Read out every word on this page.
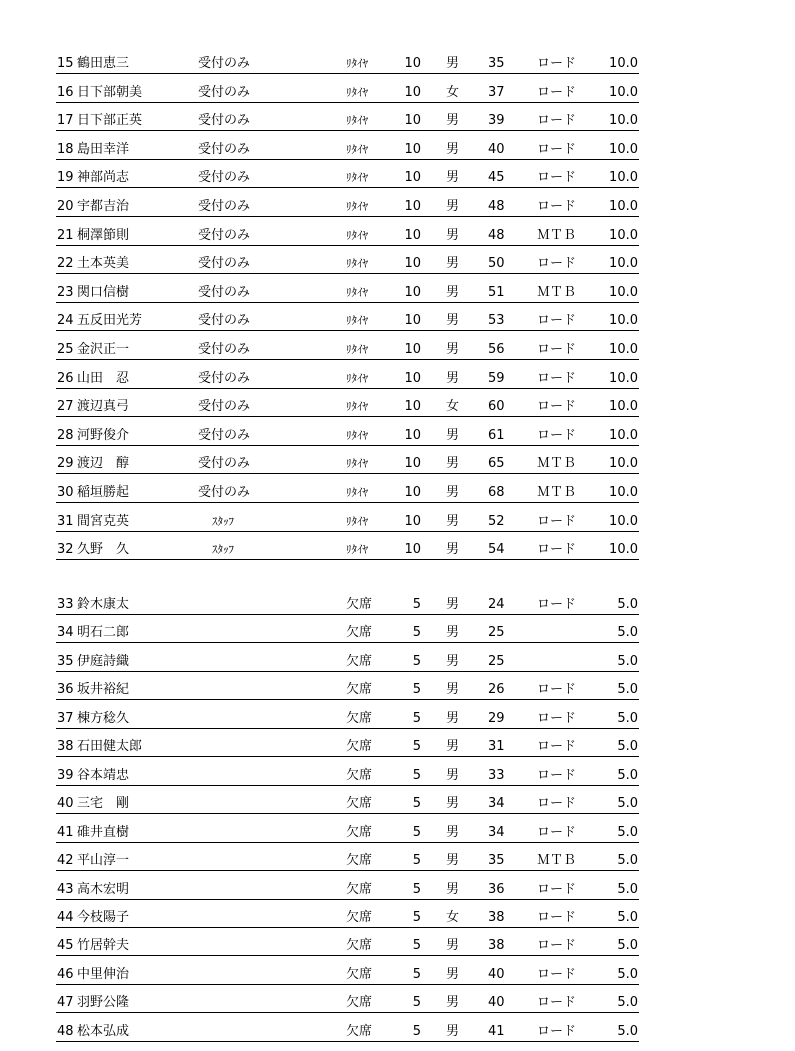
15 鶴田恵三	受付のみ	ﾘﾀｲﾔ	10 男 35 ロード	10.0
16 日下部朝美	受付のみ	ﾘﾀｲﾔ	10 女 37 ロード	10.0
17 日下部正英	受付のみ	ﾘﾀｲﾔ	10 男 39 ロード	10.0
18 島田幸洋	受付のみ	ﾘﾀｲﾔ	10 男 40 ロード	10.0
19 神部尚志	受付のみ	ﾘﾀｲﾔ	10 男 45 ロード	10.0
20 宇都吉治	受付のみ	ﾘﾀｲﾔ	10 男 48 ロード	10.0
21 桐澤節則	受付のみ	ﾘﾀｲﾔ	10 男 48 ＭＴＢ	10.0
22 土本英美	受付のみ	ﾘﾀｲﾔ	10 男 50 ロード	10.0
23 関口信樹	受付のみ	ﾘﾀｲﾔ	10 男 51 ＭＴＢ	10.0
24 五反田光芳	受付のみ	ﾘﾀｲﾔ	10 男 53 ロード	10.0
25 金沢正一	受付のみ	ﾘﾀｲﾔ	10 男 56 ロード	10.0
26 山田　忍	受付のみ	ﾘﾀｲﾔ	10 男 59 ロード	10.0
27 渡辺真弓	受付のみ	ﾘﾀｲﾔ	10 女 60 ロード	10.0
28 河野俊介	受付のみ	ﾘﾀｲﾔ	10 男 61 ロード	10.0
29 渡辺　醇	受付のみ	ﾘﾀｲﾔ	10 男 65 ＭＴＢ	10.0
30 稲垣勝起	受付のみ	ﾘﾀｲﾔ	10 男 68 ＭＴＢ	10.0
31 間宮克英	ｽﾀｯﾌ	ﾘﾀｲﾔ	10 男 52 ロード	10.0
32 久野　久	ｽﾀｯﾌ	ﾘﾀｲﾔ	10 男 54 ロード	10.0
33 鈴木康太	欠席	5 男 24 ロード	5.0
34 明石二郎	欠席	5 男 25	5.0
35 伊庭詩織	欠席	5 男 25	5.0
36 坂井裕紀	欠席	5 男 26 ロード	5.0
37 棟方稔久	欠席	5 男 29 ロード	5.0
38 石田健太郎	欠席	5 男 31 ロード	5.0
39 谷本靖忠	欠席	5 男 33 ロード	5.0
40 三宅　剛	欠席	5 男 34 ロード	5.0
41 碓井直樹	欠席	5 男 34 ロード	5.0
42 平山淳一	欠席	5 男 35 ＭＴＢ	5.0
43 高木宏明	欠席	5 男 36 ロード	5.0
44 今枝陽子	欠席	5 女 38 ロード	5.0
45 竹居幹夫	欠席	5 男 38 ロード	5.0
46 中里伸治	欠席	5 男 40 ロード	5.0
47 羽野公隆	欠席	5 男 40 ロード	5.0
48 松本弘成	欠席	5 男 41 ロード	5.0
